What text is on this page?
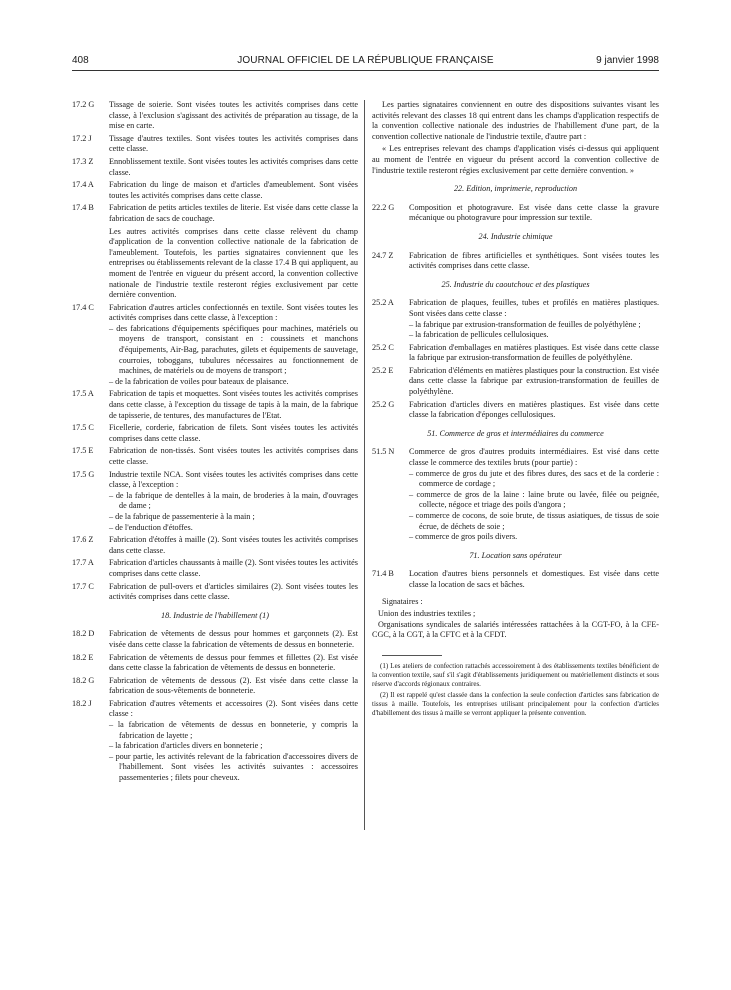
408	JOURNAL OFFICIEL DE LA RÉPUBLIQUE FRANÇAISE	9 janvier 1998
17.2 G	Tissage de soierie. Sont visées toutes les activités comprises dans cette classe, à l'exclusion s'agissant des activités de préparation au tissage, de la mise en carte.

17.2 J	Tissage d'autres textiles. Sont visées toutes les activités comprises dans cette classe.

17.3 Z	Ennoblissement textile. Sont visées toutes les activités comprises dans cette classe.

17.4 A	Fabrication du linge de maison et d'articles d'ameublement. Sont visées toutes les activités comprises dans cette classe.

17.4 B	Fabrication de petits articles textiles de literie. Est visée dans cette classe la fabrication de sacs de couchage.

Les autres activités comprises dans cette classe relèvent du champ d'application de la convention collective nationale de la fabrication de l'ameublement. Toutefois, les parties signataires conviennent que les entreprises ou établissements relevant de la classe 17.4 B qui appliquent, au moment de l'entrée en vigueur du présent accord, la convention collective nationale de l'industrie textile resteront régies exclusivement par cette dernière convention.

17.4 C	Fabrication d'autres articles confectionnés en textile. Sont visées toutes les activités comprises dans cette classe, à l'exception :

– des fabrications d'équipements spécifiques pour machines, matériels ou moyens de transport, consistant en : coussinets et manchons d'équipements, Air-Bag, parachutes, gilets et équipements de sauvetage, courroies, toboggans, tubulures nécessaires au fonctionnement de machines, de matériels ou de moyens de transport ;
– de la fabrication de voiles pour bateaux de plaisance.
17.5 A	Fabrication de tapis et moquettes. Sont visées toutes les activités comprises dans cette classe, à l'exception du tissage de tapis à la main, de la fabrique de tapisserie, de tentures, des manufactures de l'Etat.

17.5 C	Ficellerie, corderie, fabrication de filets. Sont visées toutes les activités comprises dans cette classe.

17.5 E	Fabrication de non-tissés. Sont visées toutes les activités comprises dans cette classe.

17.5 G	Industrie textile NCA. Sont visées toutes les activités comprises dans cette classe, à l'exception :

– de la fabrique de dentelles à la main, de broderies à la main, d'ouvrages de dame ;
– de la fabrique de passementerie à la main ;
– de l'enduction d'étoffes.
17.6 Z	Fabrication d'étoffes à maille (2). Sont visées toutes les activités comprises dans cette classe.

17.7 A	Fabrication d'articles chaussants à maille (2). Sont visées toutes les activités comprises dans cette classe.

17.7 C	Fabrication de pull-overs et d'articles similaires (2). Sont visées toutes les activités comprises dans cette classe.

18. Industrie de l'habillement (1)
18.2 D	Fabrication de vêtements de dessus pour hommes et garçonnets (2). Est visée dans cette classe la fabrication de vêtements de dessus en bonneterie.

18.2 E	Fabrication de vêtements de dessus pour femmes et fillettes (2). Est visée dans cette classe la fabrication de vêtements de dessus en bonneterie.

18.2 G	Fabrication de vêtements de dessous (2). Est visée dans cette classe la fabrication de sous-vêtements de bonneterie.

18.2 J	Fabrication d'autres vêtements et accessoires (2). Sont visées dans cette classe :

– la fabrication de vêtements de dessus en bonneterie, y compris la fabrication de layette ;
– la fabrication d'articles divers en bonneterie ;
– pour partie, les activités relevant de la fabrication d'accessoires divers de l'habillement. Sont visées les activités suivantes : accessoires passementeries ; filets pour cheveux.

Les parties signataires conviennent en outre des dispositions suivantes visant les activités relevant des classes 18 qui entrent dans les champs d'application respectifs de la convention collective nationale des industries de l'habillement d'une part, de la convention collective nationale de l'industrie textile, d'autre part :

« Les entreprises relevant des champs d'application visés ci-dessus qui appliquent au moment de l'entrée en vigueur du présent accord la convention collective de l'industrie textile resteront régies exclusivement par cette dernière convention. »

22. Edition, imprimerie, reproduction
22.2 G	Composition et photogravure. Est visée dans cette classe la gravure mécanique ou photogravure pour impression sur textile.

24. Industrie chimique
24.7 Z	Fabrication de fibres artificielles et synthétiques. Sont visées toutes les activités comprises dans cette classe.

25. Industrie du caoutchouc et des plastiques
25.2 A	Fabrication de plaques, feuilles, tubes et profilés en matières plastiques. Sont visées dans cette classe :

– la fabrique par extrusion-transformation de feuilles de polyéthylène ;
– la fabrication de pellicules cellulosiques.
25.2 C	Fabrication d'emballages en matières plastiques. Est visée dans cette classe la fabrique par extrusion-transformation de feuilles de polyéthylène.

25.2 E	Fabrication d'éléments en matières plastiques pour la construction. Est visée dans cette classe la fabrique par extrusion-transformation de feuilles de polyéthylène.

25.2 G	Fabrication d'articles divers en matières plastiques. Est visée dans cette classe la fabrication d'éponges cellulosiques.

51. Commerce de gros et intermédiaires du commerce
51.5 N	Commerce de gros d'autres produits intermédiaires. Est visé dans cette classe le commerce des textiles bruts (pour partie) :

– commerce de gros du jute et des fibres dures, des sacs et de la corderie : commerce de cordage ;
– commerce de gros de la laine : laine brute ou lavée, filée ou peignée, collecte, négoce et triage des poils d'angora ;
– commerce de cocons, de soie brute, de tissus asiatiques, de tissus de soie écrue, de déchets de soie ;
– commerce de gros poils divers.
71. Location sans opérateur
71.4 B	Location d'autres biens personnels et domestiques. Est visée dans cette classe la location de sacs et bâches.

Signataires :

Union des industries textiles ;

Organisations syndicales de salariés intéressées rattachées à la CGT-FO, à la CFE-CGC, à la CGT, à la CFTC et à la CFDT.

(1) Les ateliers de confection rattachés accessoirement à des établissements textiles bénéficient de la convention textile, sauf s'il s'agit d'établissements juridiquement ou matériellement distincts et sous réserve d'accords régionaux contraires.

(2) Il est rappelé qu'est classée dans la confection la seule confection d'articles sans fabrication de tissus à maille. Toutefois, les entreprises utilisant principalement pour la confection d'articles d'habillement des tissus à maille se verront appliquer la présente convention.
